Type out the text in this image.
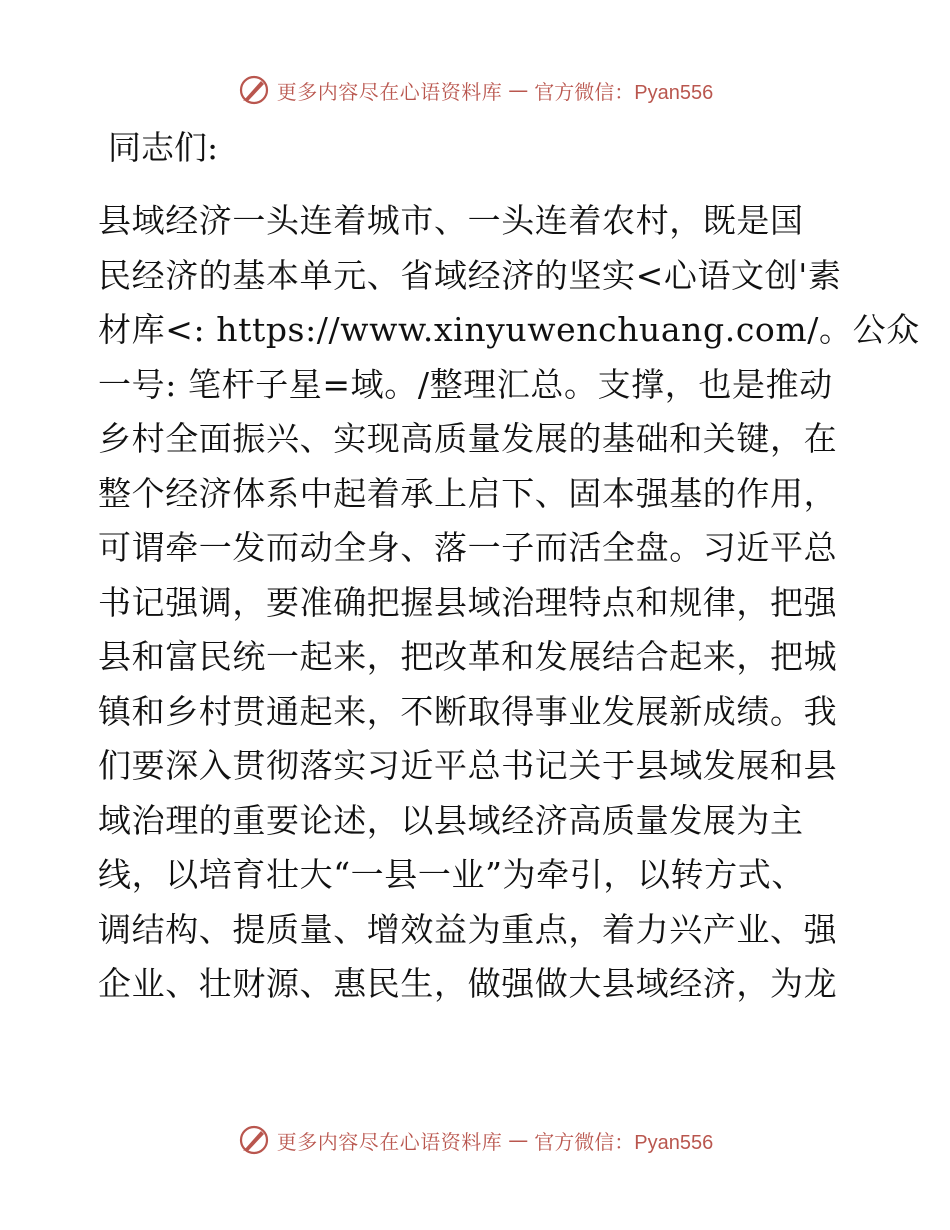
更多内容尽在心语资料库 — 官方微信：Pyan556
同志们:
县域经济一头连着城市、一头连着农村，既是国
民经济的基本单元、省域经济的坚实<心语文创'素
材库<: https://www.xinyuwenchuang.com/。公众
一号: 笔杆子星=域。/整理汇总。支撑，也是推动
乡村全面振兴、实现高质量发展的基础和关键，在
整个经济体系中起着承上启下、固本强基的作用，
可谓牵一发而动全身、落一子而活全盘。习近平总
书记强调，要准确把握县域治理特点和规律，把强
县和富民统一起来，把改革和发展结合起来，把城
镇和乡村贯通起来，不断取得事业发展新成绩。我
们要深入贯彻落实习近平总书记关于县域发展和县
域治理的重要论述，以县域经济高质量发展为主
线，以培育壮大“一县一业”为牵引，以转方式、
调结构、提质量、增效益为重点，着力兴产业、强
企业、壮财源、惠民生，做强做大县域经济，为龙
更多内容尽在心语资料库 — 官方微信：Pyan556
